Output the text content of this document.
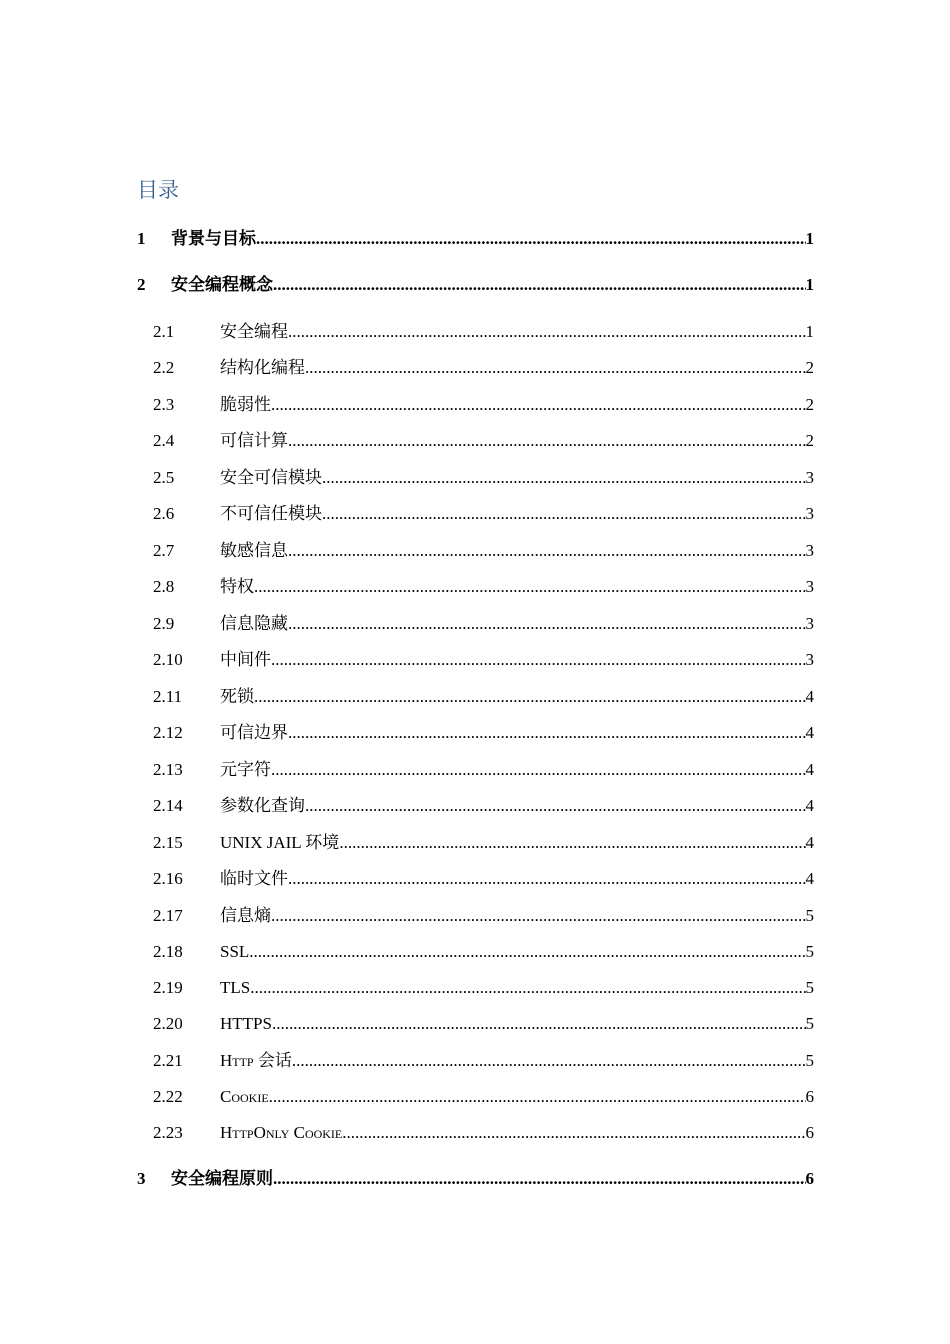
目录
1	背景与目标 .....	1
2	安全编程概念 .....	1
2.1	安全编程 .....	1
2.2	结构化编程 .....	2
2.3	脆弱性 .....	2
2.4	可信计算 .....	2
2.5	安全可信模块 .....	3
2.6	不可信任模块 .....	3
2.7	敏感信息 .....	3
2.8	特权 .....	3
2.9	信息隐藏 .....	3
2.10	中间件 .....	3
2.11	死锁 .....	4
2.12	可信边界 .....	4
2.13	元字符 .....	4
2.14	参数化查询 .....	4
2.15	UNIX JAIL 环境 .....	4
2.16	临时文件 .....	4
2.17	信息熵 .....	5
2.18	SSL .....	5
2.19	TLS .....	5
2.20	HTTPS .....	5
2.21	Http 会话 .....	5
2.22	Cookie .....	6
2.23	HttpOnly Cookie .....	6
3	安全编程原则 .....	6
